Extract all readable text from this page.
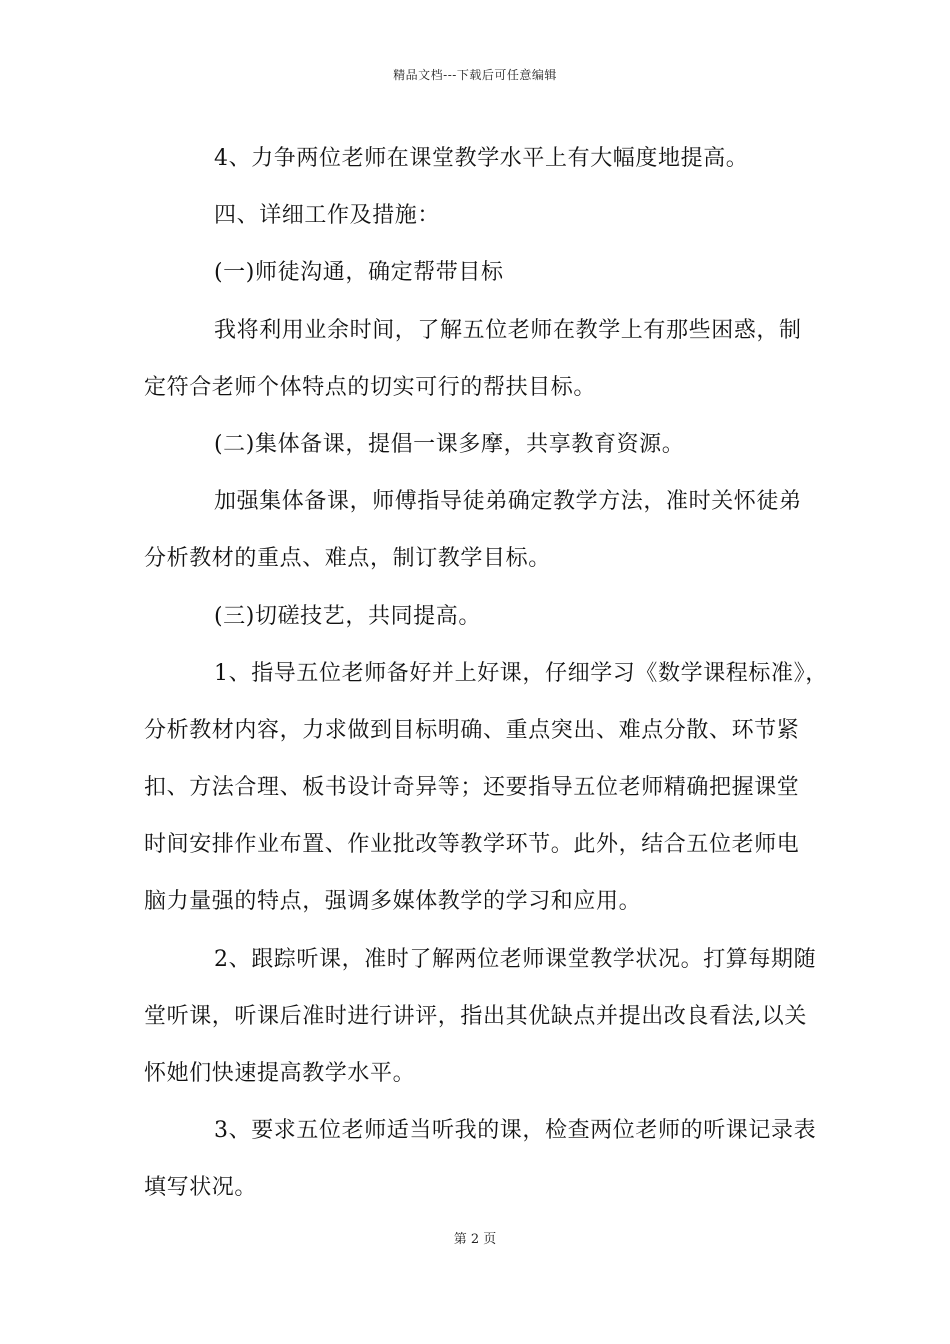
精品文档---下载后可任意编辑
4、力争两位老师在课堂教学水平上有大幅度地提高。
四、详细工作及措施：
(一)师徒沟通，确定帮带目标
我将利用业余时间，了解五位老师在教学上有那些困惑，制
定符合老师个体特点的切实可行的帮扶目标。
(二)集体备课，提倡一课多摩，共享教育资源。
加强集体备课，师傅指导徒弟确定教学方法，准时关怀徒弟
分析教材的重点、难点，制订教学目标。
(三)切磋技艺，共同提高。
1、指导五位老师备好并上好课，仔细学习《数学课程标准》，
分析教材内容，力求做到目标明确、重点突出、难点分散、环节紧
扣、方法合理、板书设计奇异等；还要指导五位老师精确把握课堂
时间安排作业布置、作业批改等教学环节。此外，结合五位老师电
脑力量强的特点，强调多媒体教学的学习和应用。
2、跟踪听课，准时了解两位老师课堂教学状况。打算每期随
堂听课，听课后准时进行讲评，指出其优缺点并提出改良看法,以关
怀她们快速提高教学水平。
3、要求五位老师适当听我的课，检查两位老师的听课记录表
填写状况。
第 2 页
